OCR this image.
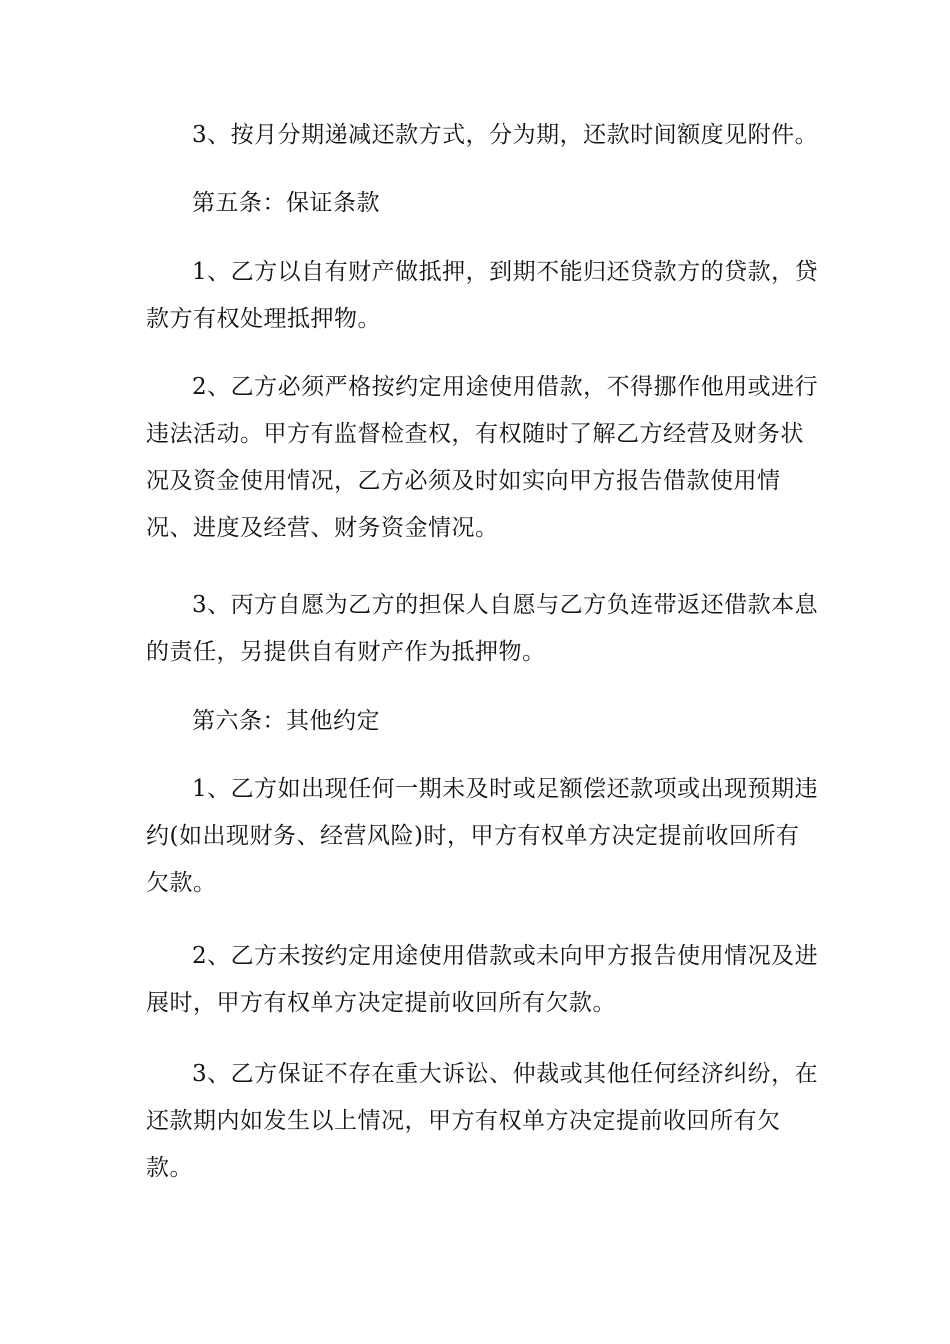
3、按月分期递减还款方式，分为期，还款时间额度见附件。

第五条：保证条款

1、乙方以自有财产做抵押，到期不能归还贷款方的贷款，贷款方有权处理抵押物。

2、乙方必须严格按约定用途使用借款，不得挪作他用或进行违法活动。甲方有监督检查权，有权随时了解乙方经营及财务状况及资金使用情况，乙方必须及时如实向甲方报告借款使用情况、进度及经营、财务资金情况。

3、丙方自愿为乙方的担保人自愿与乙方负连带返还借款本息的责任，另提供自有财产作为抵押物。

第六条：其他约定

1、乙方如出现任何一期未及时或足额偿还款项或出现预期违约(如出现财务、经营风险)时，甲方有权单方决定提前收回所有欠款。

2、乙方未按约定用途使用借款或未向甲方报告使用情况及进展时，甲方有权单方决定提前收回所有欠款。

3、乙方保证不存在重大诉讼、仲裁或其他任何经济纠纷，在还款期内如发生以上情况，甲方有权单方决定提前收回所有欠款。
